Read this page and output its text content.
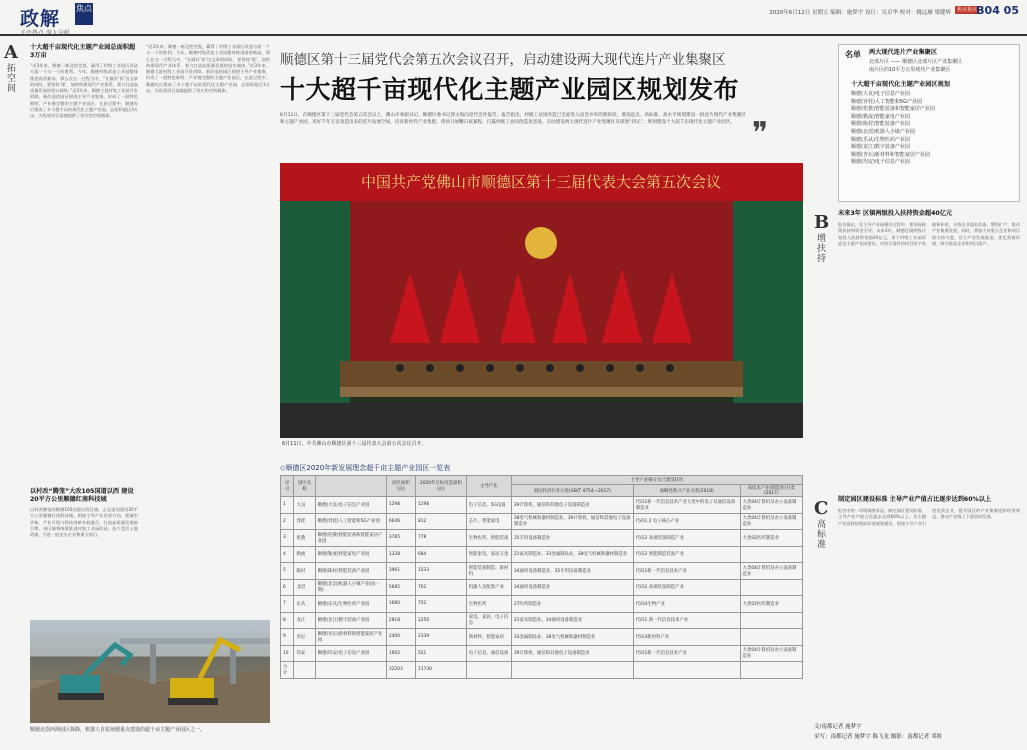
政解 焦点
关注热点 深入分析
2020年6月12日 星期五 编辑：施梦宇 设计：吴卓华 校对：姚远雁 梁健辉	焦点视点 B04 05
A
拓空间
十大超千亩现代化主题产业园总面积超3万亩
“近3年来，顺德一栋没挖完瓷，赢得了村级工业园区改造方面一个又一个的胜利。今年，顺德村级改造工业园整体推进再创新高，那么在这一过程当中，“在做好‘拆’这文章的同时，要坚持‘建’，加快构建现代产业体系，着力打造高质量发展的坚实载体。”近3年来，顺德大批村级工业园开发拆除，新改造的园区围绕主导产业集聚，形成了一批特色鲜明、产业链完整的主题产业园区，在此过程中，顺德先后建成了多个超千亩的现代化主题产业园，总面积超过3万亩，为优质项目落地提供了坚实的空间载体。
“近3年来，顺德一栋没挖完瓷，赢得了村级工业园区改造方面一个又一个的胜利。今年，顺德村级改造工业园整体推进再创新高，那么在这一过程当中，“在做好‘拆’这文章的同时，要坚持‘建’，加快构建现代产业体系，着力打造高质量发展的坚实载体。”近3年来，顺德大批村级工业园开发拆除，新改造的园区围绕主导产业集聚，形成了一批特色鲜明、产业链完整的主题产业园区，在此过程中，顺德先后建成了多个超千亩的现代化主题产业园，总面积超过3万亩，为优质项目落地提供了坚实的空间载体。
以村改“腾笼”大改105国道以西 建设20平方公里顺德红南科技城
以村改腾笼的顺德105国道以西区域，正在谋划建设20平方公里顺德红南科技城，围绕主导产业发展方向，把城市更新、产业升级与科技创新有机融合，打造高质量发展新引擎。该区域将统筹推进村级工业园改造，连片盘活土地资源，引进一批龙头企业和重大项目。
顺德北滘西海园区拆除，机器人自装场德重点建设的超千亩主题产业园区之一。
顺德区第十三届党代会第五次会议召开，启动建设两大现代连片产业集聚区
十大超千亩现代化主题产业园区规划发布
6月11日，在顺德区第十三届党代会第五次会议上，佛山市委副书记、顺德区委书记郭文海向党代会作报告，报告指出，村级工业园改造已全面进入攻坚并举的新阶段。要高起点、高标准、高水平规划建设一批连片现代产业集聚区和主题产业园，用好千年万亩改造出来的连片发展空间，培育新时代产业集群，将快马加鞭日夜兼程，打赢村级工业园改造攻坚战，启动建设两大现代连片产业集聚区及谋划“四正”，规划建设十大超千亩现代化主题产业园区。 ❞
中国共产党佛山市顺德区第十三届代表大会第五次会议
6月11日，中共佛山市顺德区第十三届代表大会第五次会议召开。
◇顺德区2020年新发展理念超千亩主题产业园区一览表
序号	园区名称		园区面积(亩)	2020年目标改造面积(亩)	主导产业	主导产业细分及已建设状况		
						国民经济行业分类(GB/T 4754—2017)	战略性新兴产业分类(2018)	高技术产业(制造业)分类(2017)
1	大良	顺德(大良)电子信息产业园	1298	1298	电子信息、5G设备	39计算机、通信和其他电子设备制造业	代码1新一代信息技术产业大类中的电子及通信设备制造业	大类04计算机及办公设备制造业
2	容桂	顺德(容桂)人工智能和5G产业园	6646	812	芯片、智能家电	38电气机械和器材制造业、39计算机、通信和其他电子设备制造业	代码1.2 电子核心产业	大类04计算机及办公设备制造业
3	伦教	顺德(伦教)智能装备和智能家居产业园	3785	778	生物医药、智能装备	35专用设备制造业	代码2 高端装备制造产业	大类02医药制造业
4	勒流	顺德(勒流)智能家电产业园	1328	684	智能家电、家居五金	21家具制造业、33金属制品业、38电气机械和器材制造业	代码2 智能制造装备产业	
5	陈村	顺德(陈村)智能装备产业园	3961	1533	智能装备制造、新材料	34通用设备制造业、35专用设备制造业	代码1新一代信息技术产业	大类04计算机及办公设备制造业
6	北滘	顺德(北滘)机器人小镇产业园(一期)	5685	762	机器人及配套产业	34通用设备制造业	代码2 高端装备制造产业	
7	乐从	顺德(乐从)生物医药产业园	1680	752	生物医药	27医药制造业	代码4生物产业	大类02医药制造业
8	龙江	顺德(龙江)数字装备产业园	2818	2250	家电、家居、电子信息	21家具制造业、34通用设备制造业	代码1 新一代信息技术产业	
9	杏坛	顺德(杏坛)新材料和智能家居产业园	2400	2339	新材料、智能家居	33金属制品业、38电气机械和器材制造业	代码3新材料产业	
10	均安	顺德(均安)电子信息产业园	1602	521	电子信息、通信设备	39计算机、通信和其他电子设备制造业	代码1新一代信息技术产业	大类04计算机及办公设备制造业
合计			32203	11730				
名单 两大现代连片产业集聚区
北部片区 —— 顺德区北部片区产业集聚区
南片区的10平方公里现代产业集聚区
十大超千亩现代化主题产业园区规划
顺德(大良)电子信息产业园
顺德(容桂)人工智能和5G产业园
顺德(伦教)智能装备和智能家居产业园
顺德(勒流)智能家电产业园
顺德(陈村)智能装备产业园
顺德(北滘)机器人小镇产业园
顺德(乐从)生物医药产业园
顺德(龙江)数字装备产业园
顺德(杏坛)新材料和智能家居产业园
顺德(均安)电子信息产业园
B
增扶持
未来3年 区镇两级投入扶持资金超40亿元
报告指出，在主导产业园建设过程中，要坚持政策扶持和资金引导。未来3年，顺德区镇两级计划投入扶持资金超40亿元，用于村级工业园改造及主题产业园建设，对符合条件的项目给予奖励和补贴，支持企业技术改造、增资扩产，推动产业集聚发展。同时，将加大对重点企业和项目的支持力度，设立产业发展基金，优化营商环境，吸引优质企业和项目落户。
C
高标准
制定园区建设标准 主导产业产值占比逐步达到60%以上
报告中的一项明确要求是，制定园区建设标准，主导产业产值占比逐步达到60%以上。各主题产业园将按照高标准规划建设，围绕主导产业引进优质企业，提升园区的产业集聚度和经济效益，推动产业链上下游协同发展。
文/南都记者 施梦宇
采写：南都记者 施梦宇 陈飞龙 摄影：南都记者 邓娇
